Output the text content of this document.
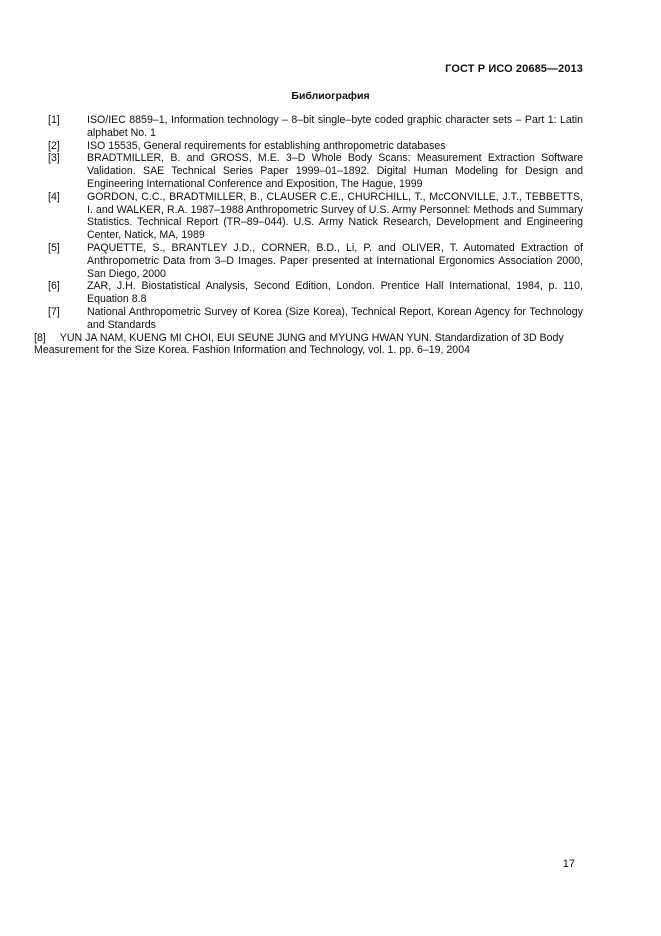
ГОСТ Р ИСО 20685—2013
Библиография
[1]	ISO/IEC 8859–1, Information technology – 8–bit single–byte coded graphic character sets – Part 1: Latin alphabet No. 1
[2]	ISO 15535, General requirements for establishing anthropometric databases
[3]	BRADTMILLER, B. and GROSS, M.E. 3–D Whole Body Scans: Measurement Extraction Software Validation. SAE Technical Series Paper 1999–01–1892. Digital Human Modeling for Design and Engineering International Conference and Exposition, The Hague, 1999
[4]	GORDON, C.C., BRADTMILLER, B., CLAUSER C.E., CHURCHILL, T., McCONVILLE, J.T., TEBBETTS, I. and WALKER, R.A. 1987–1988 Anthropometric Survey of U.S. Army Personnel: Methods and Summary Statistics. Technical Report (TR–89–044). U.S. Army Natick Research, Development and Engineering Center, Natick, MA, 1989
[5]	PAQUETTE, S., BRANTLEY J.D., CORNER, B.D., Li, P. and OLIVER, T. Automated Extraction of Anthropometric Data from 3–D Images. Paper presented at International Ergonomics Association 2000, San Diego, 2000
[6]	ZAR, J.H. Biostatistical Analysis, Second Edition, London. Prentice Hall International, 1984, p. 110, Equation 8.8
[7]	National Anthropometric Survey of Korea (Size Korea), Technical Report, Korean Agency for Technology and Standards
[8] YUN JA NAM, KUENG MI CHOI, EUI SEUNE JUNG and MYUNG HWAN YUN. Standardization of 3D Body Measurement for the Size Korea. Fashion Information and Technology, vol. 1. pp. 6–19, 2004
17
